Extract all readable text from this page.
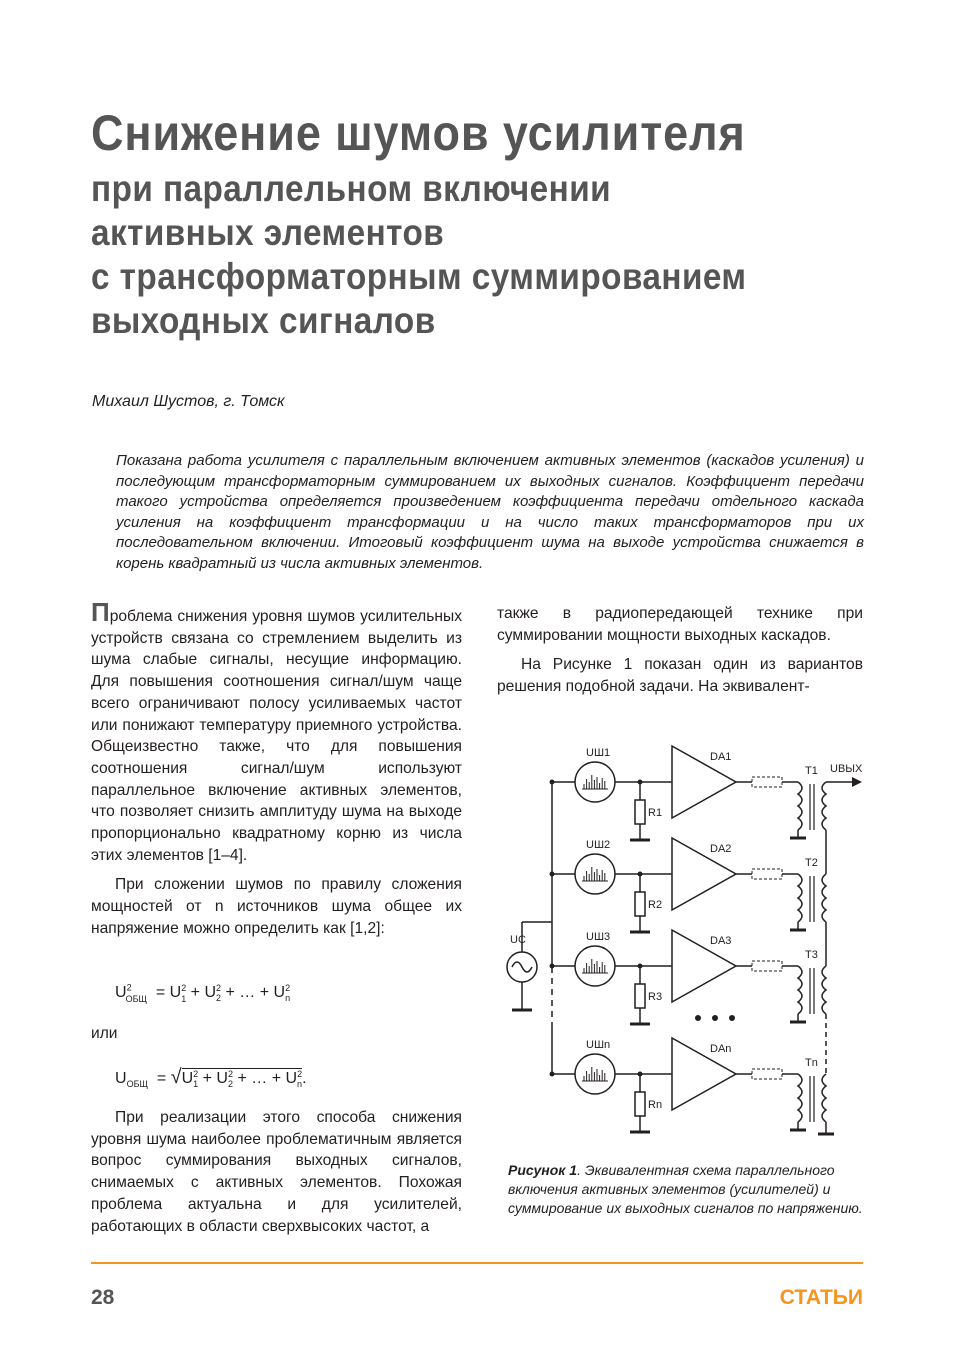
Снижение шумов усилителя
при параллельном включении
активных элементов
с трансформаторным суммированием
выходных сигналов
Михаил Шустов, г. Томск

Показана работа усилителя с параллельным включением активных элементов (каскадов усиления) и последующим трансформаторным суммированием их выходных сигналов. Коэффициент передачи такого устройства определяется произведением коэффициента передачи отдельного каскада усиления на коэффициент трансформации и на число таких трансформаторов при их последовательном включении. Итоговый коэффициент шума на выходе устройства снижается в корень квадратный из числа активных элементов.

Проблема снижения уровня шумов усилительных устройств связана со стремлением выделить из шума слабые сигналы, несущие информацию. Для повышения соотношения сигнал/шум чаще всего ограничивают полосу усиливаемых частот или понижают температуру приемного устройства. Общеизвестно также, что для повышения соотношения сигнал/шум используют параллельное включение активных элементов, что позволяет снизить амплитуду шума на выходе пропорционально квадратному корню из числа этих элементов [1–4].

При сложении шумов по правилу сложения мощностей от n источников шума общее их напряжение можно определить как [1,2]:

$U^2_{ОБЩ} = U_1^2 + U_2^2$ + … + $U_n^2$
или
$U_{ОБЩ} = √U_1^2 + U_2^2$ + … + $U_n^2$.

При реализации этого способа снижения уровня шума наиболее проблематичным является вопрос суммирования выходных сигналов, снимаемых с активных элементов. Похожая проблема актуальна и для усилителей, работающих в области сверхвысоких частот, а

также в радиопередающей технике при суммировании мощности выходных каскадов.

На Рисунке 1 показан один из вариантов решения подобной задачи. На эквивалент-

UШ1
R1
DA1
T1
UШ2
R2
DA2
T2
UШ3
R3
DA3
T3
UШn
Rn
DAn
Tn
UC
UВЫХ

Рисунок 1. Эквивалентная схема параллельного включения активных элементов (усилителей) и суммирование их выходных сигналов по напряжению.

28	СТАТЬИ
